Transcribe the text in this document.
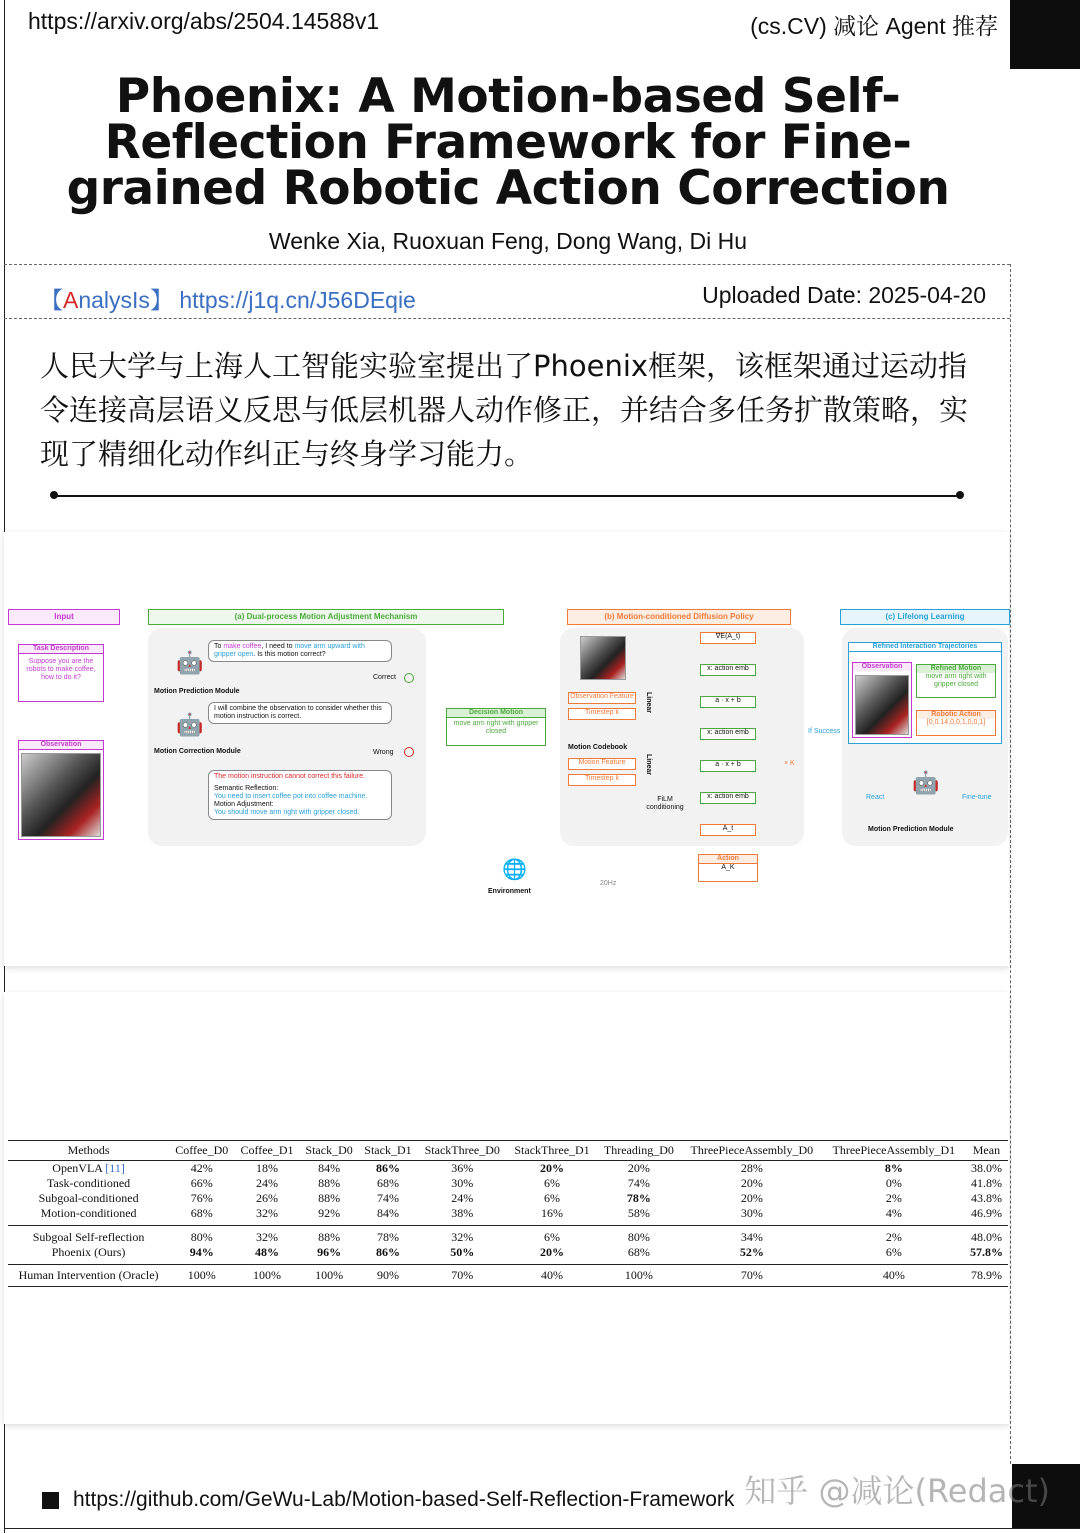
https://arxiv.org/abs/2504.14588v1	(cs.CV) 减论 Agent 推荐
Phoenix: A Motion-based Self-Reflection Framework for Fine-grained Robotic Action Correction
Wenke Xia, Ruoxuan Feng, Dong Wang, Di Hu
【AnalysIs】 https://j1q.cn/J56DEqie	Uploaded Date: 2025-04-20
人民大学与上海人工智能实验室提出了Phoenix框架，该框架通过运动指令连接高层语义反思与低层机器人动作修正，并结合多任务扩散策略，实现了精细化动作纠正与终身学习能力。
Input
Task Description
Suppose you are the robots to make coffee, how to do it?
Observation
(a) Dual-process Motion Adjustment Mechanism
🤖
Motion Prediction Module
To make coffee, I need to move arm upward with gripper open. Is this motion correct?
🤖
Motion Correction Module
I will combine the observation to consider whether this motion instruction is correct.
Correct
Wrong
The motion instruction cannot correct this failure.
Semantic Reflection:
You need to insert coffee pot into coffee machine.
Motion Adjustment:
You should move arm right with gripper closed.
Decision Motion
move arm right with gripper closed
(b) Motion-conditioned Diffusion Policy
Observation Feature
Timestep k
Motion Codebook
Motion Feature
Timestep k
Linear
Linear
FiLM conditioning
∇E(A_t)
x: action emb
a · x + b
x: action emb
a · x + b
x: action emb
A_t
× K
Action
A_K
If Success
(c) Lifelong Learning
Refined Interaction Trajectories
Observation	Refined Motion
move arm right with gripper closed
Robotic Action
[0,0.14,0,0,1,0,0,1]
React	Fine-tune
🤖
Motion Prediction Module
🌐
Environment
20Hz
Methods	Coffee_D0	Coffee_D1	Stack_D0	Stack_D1	StackThree_D0	StackThree_D1	Threading_D0	ThreePieceAssembly_D0	ThreePieceAssembly_D1	Mean
OpenVLA [11]	42%	18%	84%	86%	36%	20%	20%	28%	8%	38.0%
Task-conditioned	66%	24%	88%	68%	30%	6%	74%	20%	0%	41.8%
Subgoal-conditioned	76%	26%	88%	74%	24%	6%	78%	20%	2%	43.8%
Motion-conditioned	68%	32%	92%	84%	38%	16%	58%	30%	4%	46.9%
Subgoal Self-reflection	80%	32%	88%	78%	32%	6%	80%	34%	2%	48.0%
Phoenix (Ours)	94%	48%	96%	86%	50%	20%	68%	52%	6%	57.8%
Human Intervention (Oracle)	100%	100%	100%	90%	70%	40%	100%	70%	40%	78.9%
https://github.com/GeWu-Lab/Motion-based-Self-Reflection-Framework 知乎 @减论(Redact)
